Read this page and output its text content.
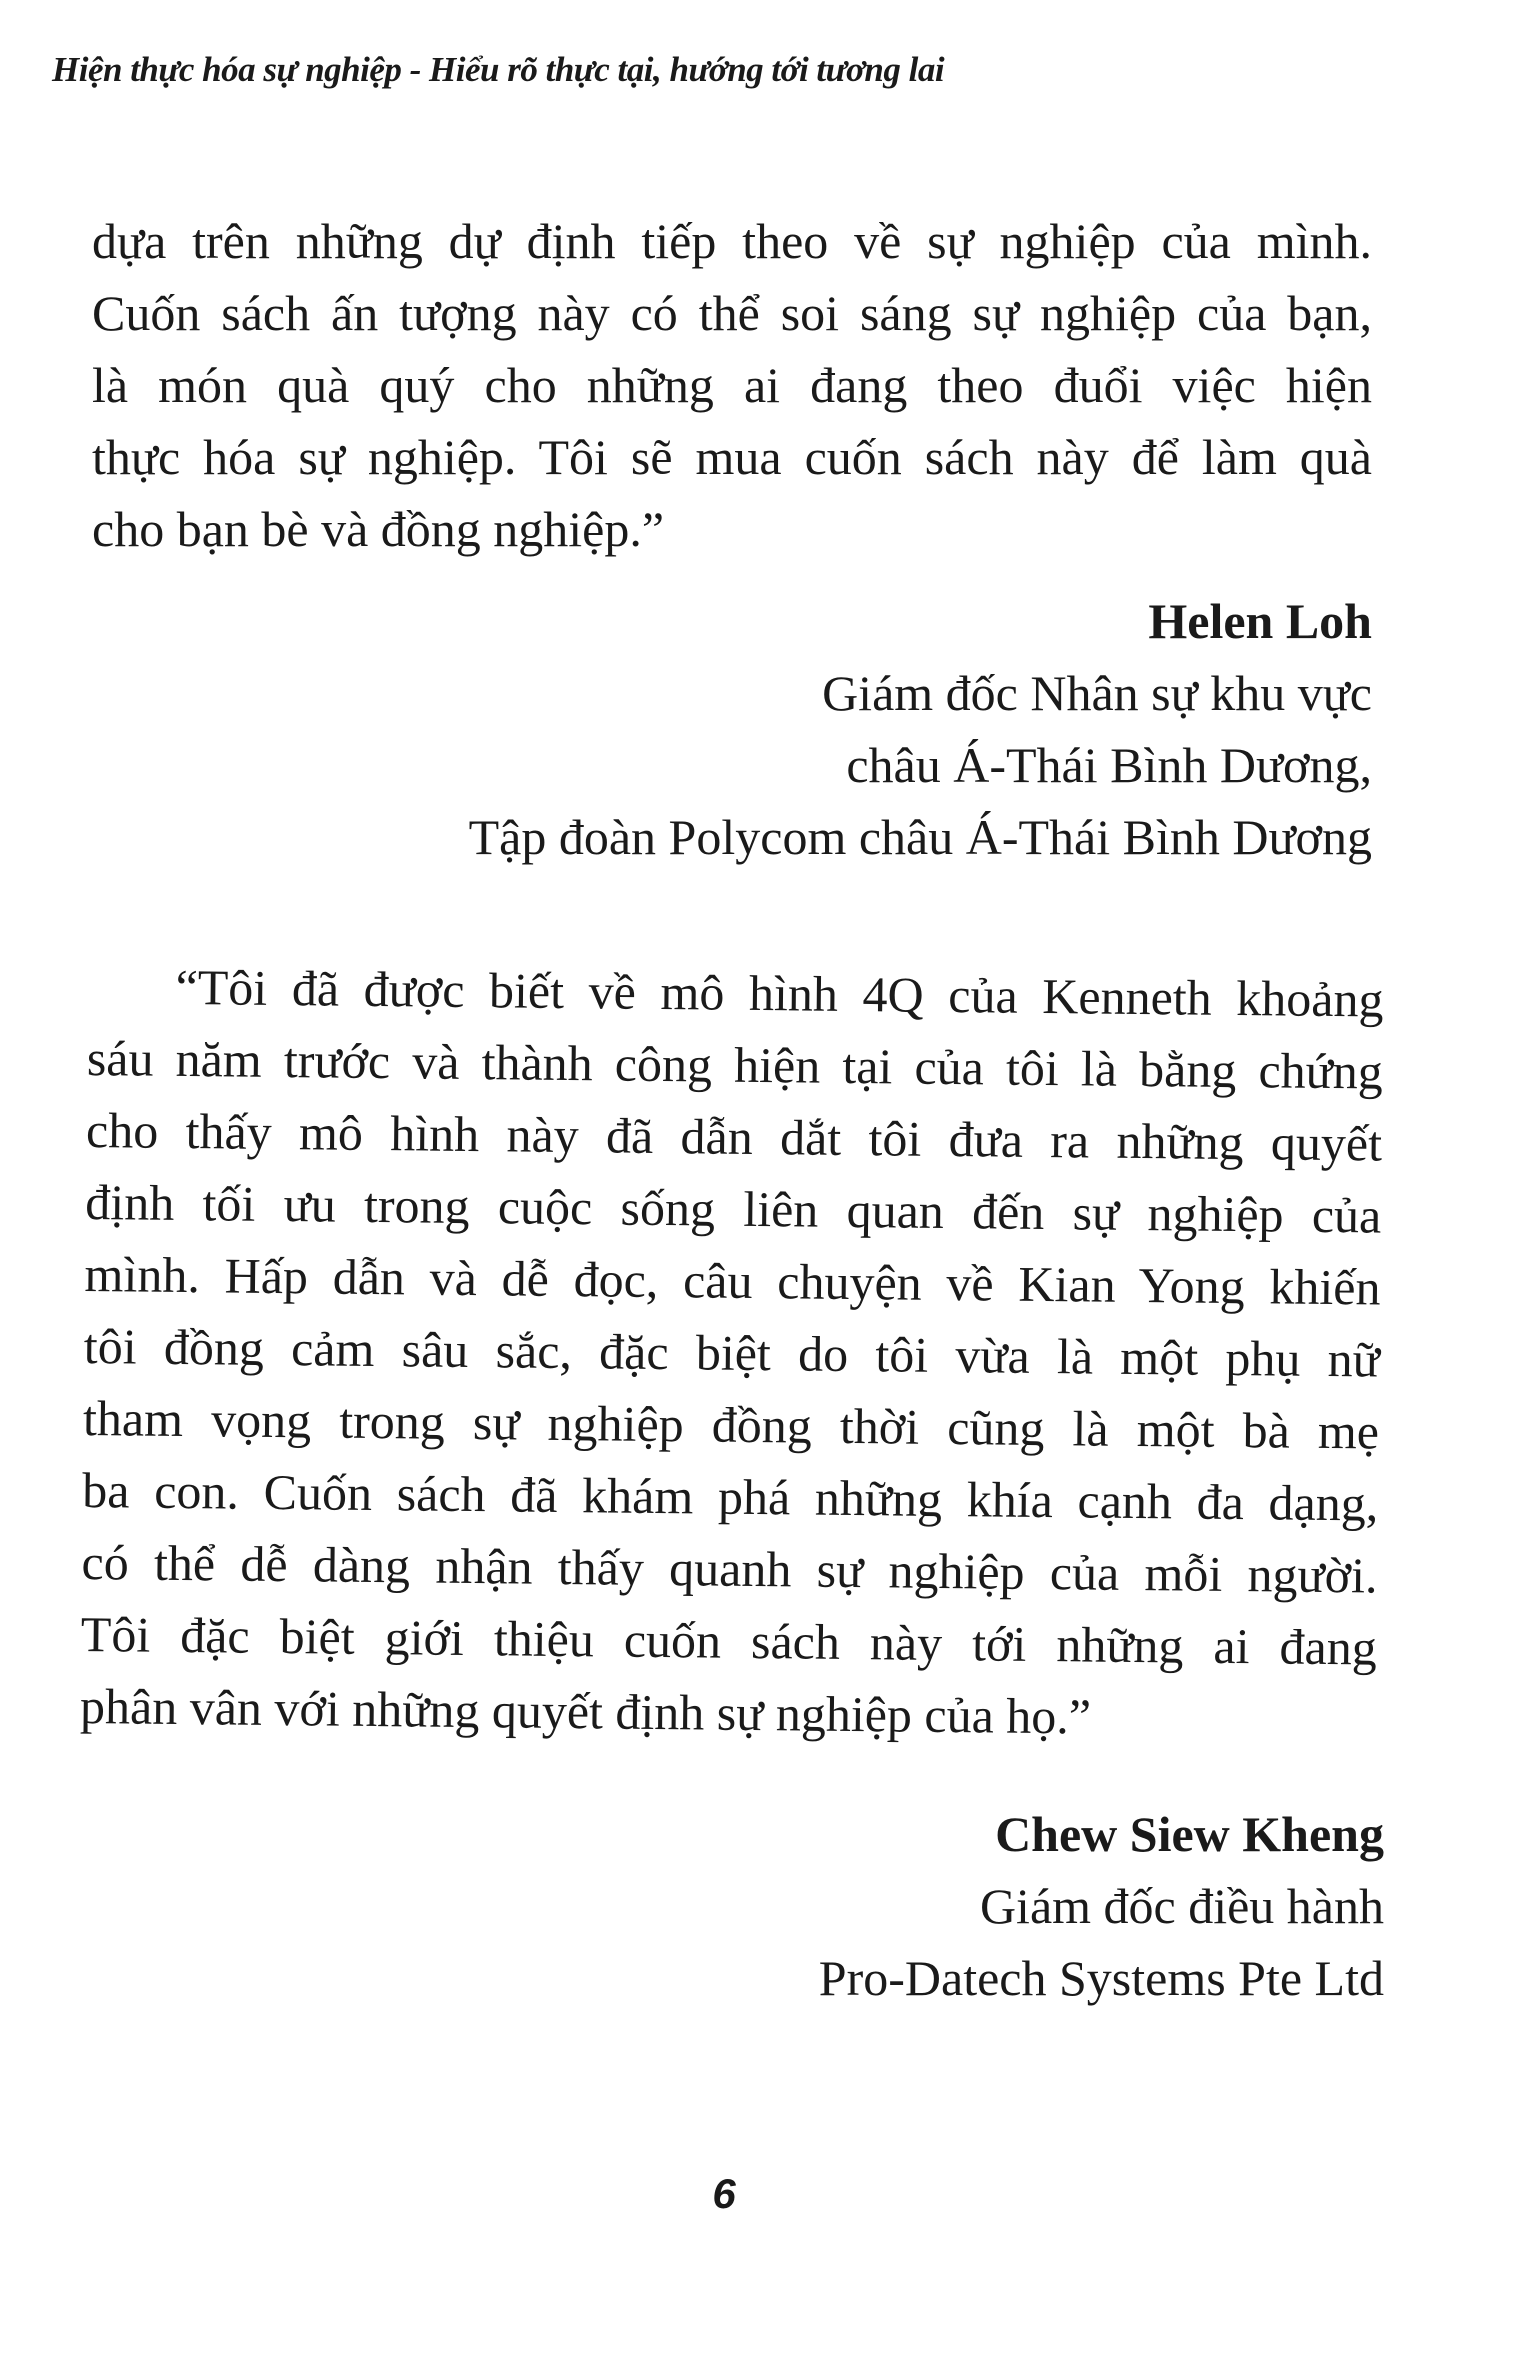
Hiện thực hóa sự nghiệp - Hiểu rõ thực tại, hướng tới tương lai
dựa trên những dự định tiếp theo về sự nghiệp của mình.
Cuốn sách ấn tượng này có thể soi sáng sự nghiệp của bạn,
là món quà quý cho những ai đang theo đuổi việc hiện
thực hóa sự nghiệp. Tôi sẽ mua cuốn sách này để làm quà
cho bạn bè và đồng nghiệp.”
Helen Loh
Giám đốc Nhân sự khu vực
châu Á-Thái Bình Dương,
Tập đoàn Polycom châu Á-Thái Bình Dương
“Tôi đã được biết về mô hình 4Q của Kenneth khoảng
sáu năm trước và thành công hiện tại của tôi là bằng chứng
cho thấy mô hình này đã dẫn dắt tôi đưa ra những quyết
định tối ưu trong cuộc sống liên quan đến sự nghiệp của
mình. Hấp dẫn và dễ đọc, câu chuyện về Kian Yong khiến
tôi đồng cảm sâu sắc, đặc biệt do tôi vừa là một phụ nữ
tham vọng trong sự nghiệp đồng thời cũng là một bà mẹ
ba con. Cuốn sách đã khám phá những khía cạnh đa dạng,
có thể dễ dàng nhận thấy quanh sự nghiệp của mỗi người.
Tôi đặc biệt giới thiệu cuốn sách này tới những ai đang
phân vân với những quyết định sự nghiệp của họ.”
Chew Siew Kheng
Giám đốc điều hành
Pro-Datech Systems Pte Ltd
6
